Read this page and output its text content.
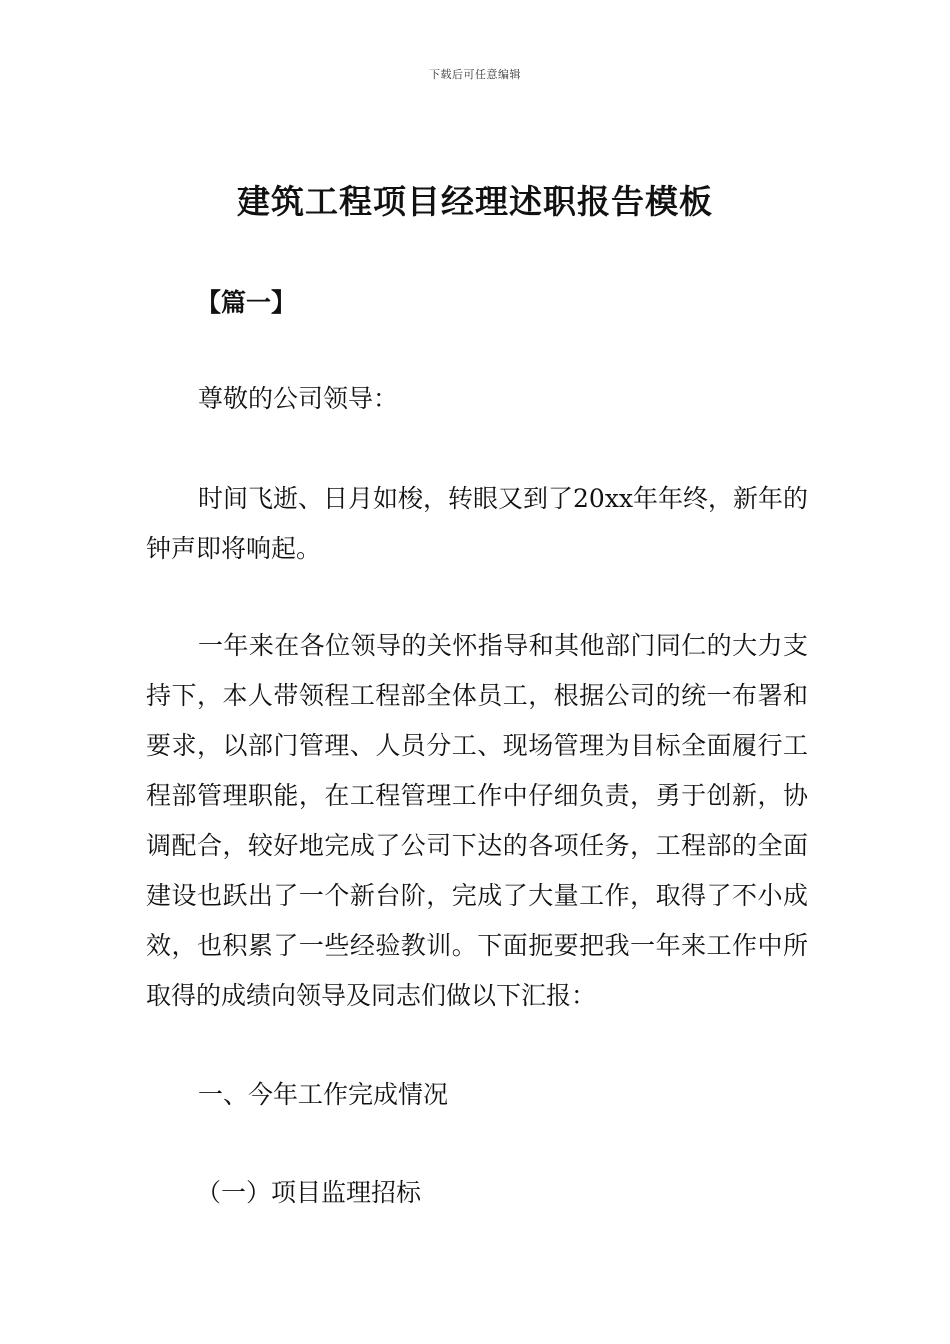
下载后可任意编辑
建筑工程项目经理述职报告模板
【篇一】

尊敬的公司领导：

时间飞逝、日月如梭，转眼又到了20xx年年终，新年的钟声即将响起。

一年来在各位领导的关怀指导和其他部门同仁的大力支持下，本人带领程工程部全体员工，根据公司的统一布署和要求，以部门管理、人员分工、现场管理为目标全面履行工程部管理职能，在工程管理工作中仔细负责，勇于创新，协调配合，较好地完成了公司下达的各项任务，工程部的全面建设也跃出了一个新台阶，完成了大量工作，取得了不小成效，也积累了一些经验教训。下面扼要把我一年来工作中所取得的成绩向领导及同志们做以下汇报：

一、今年工作完成情况

（一）项目监理招标
